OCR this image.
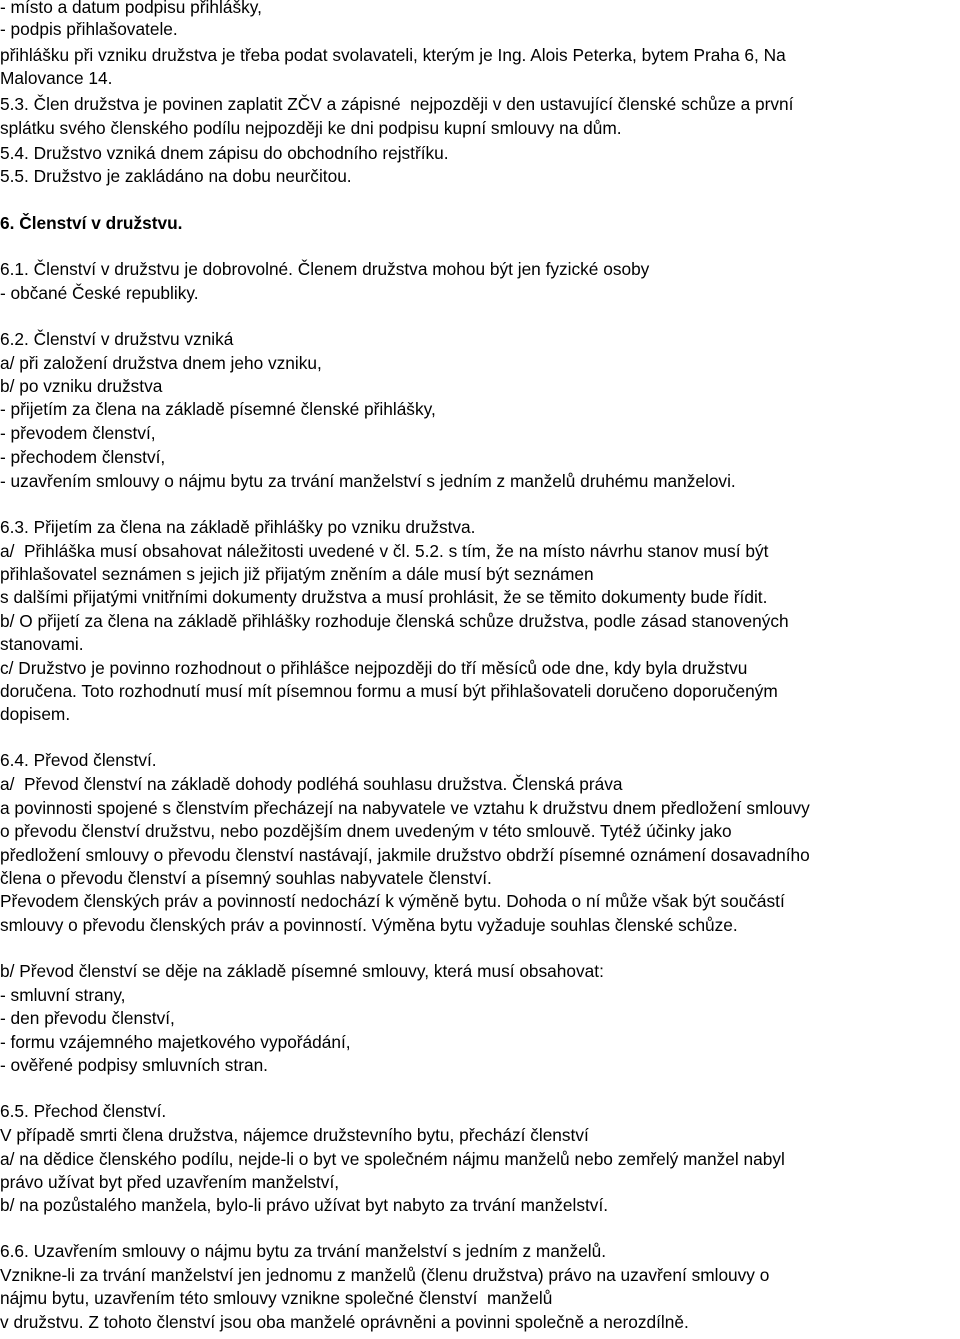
- místo a datum podpisu přihlášky,
- podpis přihlašovatele.
přihlášku při vzniku družstva je třeba podat svolavateli, kterým je Ing. Alois Peterka, bytem Praha 6, Na
Malovance 14.
5.3. Člen družstva je povinen zaplatit ZČV a zápisné  nejpozději v den ustavující členské schůze a první
splátku svého členského podílu nejpozději ke dni podpisu kupní smlouvy na dům.
5.4. Družstvo vzniká dnem zápisu do obchodního rejstříku.
5.5. Družstvo je zakládáno na dobu neurčitou.
6. Členství v družstvu.
6.1. Členství v družstvu je dobrovolné. Členem družstva mohou být jen fyzické osoby
- občané České republiky.
6.2. Členství v družstvu vzniká
a/ při založení družstva dnem jeho vzniku,
b/ po vzniku družstva
- přijetím za člena na základě písemné členské přihlášky,
- převodem členství,
- přechodem členství,
- uzavřením smlouvy o nájmu bytu za trvání manželství s jedním z manželů druhému manželovi.
6.3. Přijetím za člena na základě přihlášky po vzniku družstva.
a/  Přihláška musí obsahovat náležitosti uvedené v čl. 5.2. s tím, že na místo návrhu stanov musí být
přihlašovatel seznámen s jejich již přijatým zněním a dále musí být seznámen
s dalšími přijatými vnitřními dokumenty družstva a musí prohlásit, že se těmito dokumenty bude řídit.
b/ O přijetí za člena na základě přihlášky rozhoduje členská schůze družstva, podle zásad stanovených
stanovami.
c/ Družstvo je povinno rozhodnout o přihlášce nejpozději do tří měsíců ode dne, kdy byla družstvu
doručena. Toto rozhodnutí musí mít písemnou formu a musí být přihlašovateli doručeno doporučeným
dopisem.
6.4. Převod členství.
a/  Převod členství na základě dohody podléhá souhlasu družstva. Členská práva
a povinnosti spojené s členstvím přecházejí na nabyvatele ve vztahu k družstvu dnem předložení smlouvy
o převodu členství družstvu, nebo pozdějším dnem uvedeným v této smlouvě. Tytéž účinky jako
předložení smlouvy o převodu členství nastávají, jakmile družstvo obdrží písemné oznámení dosavadního
člena o převodu členství a písemný souhlas nabyvatele členství.
Převodem členských práv a povinností nedochází k výměně bytu. Dohoda o ní může však být součástí
smlouvy o převodu členských práv a povinností. Výměna bytu vyžaduje souhlas členské schůze.
b/ Převod členství se děje na základě písemné smlouvy, která musí obsahovat:
- smluvní strany,
- den převodu členství,
- formu vzájemného majetkového vypořádání,
- ověřené podpisy smluvních stran.
6.5. Přechod členství.
V případě smrti člena družstva, nájemce družstevního bytu, přechází členství
a/ na dědice členského podílu, nejde-li o byt ve společném nájmu manželů nebo zemřelý manžel nabyl
právo užívat byt před uzavřením manželství,
b/ na pozůstalého manžela, bylo-li právo užívat byt nabyto za trvání manželství.
6.6. Uzavřením smlouvy o nájmu bytu za trvání manželství s jedním z manželů.
Vznikne-li za trvání manželství jen jednomu z manželů (členu družstva) právo na uzavření smlouvy o
nájmu bytu, uzavřením této smlouvy vznikne společné členství  manželů
v družstvu. Z tohoto členství jsou oba manželé oprávněni a povinni společně a nerozdílně.
